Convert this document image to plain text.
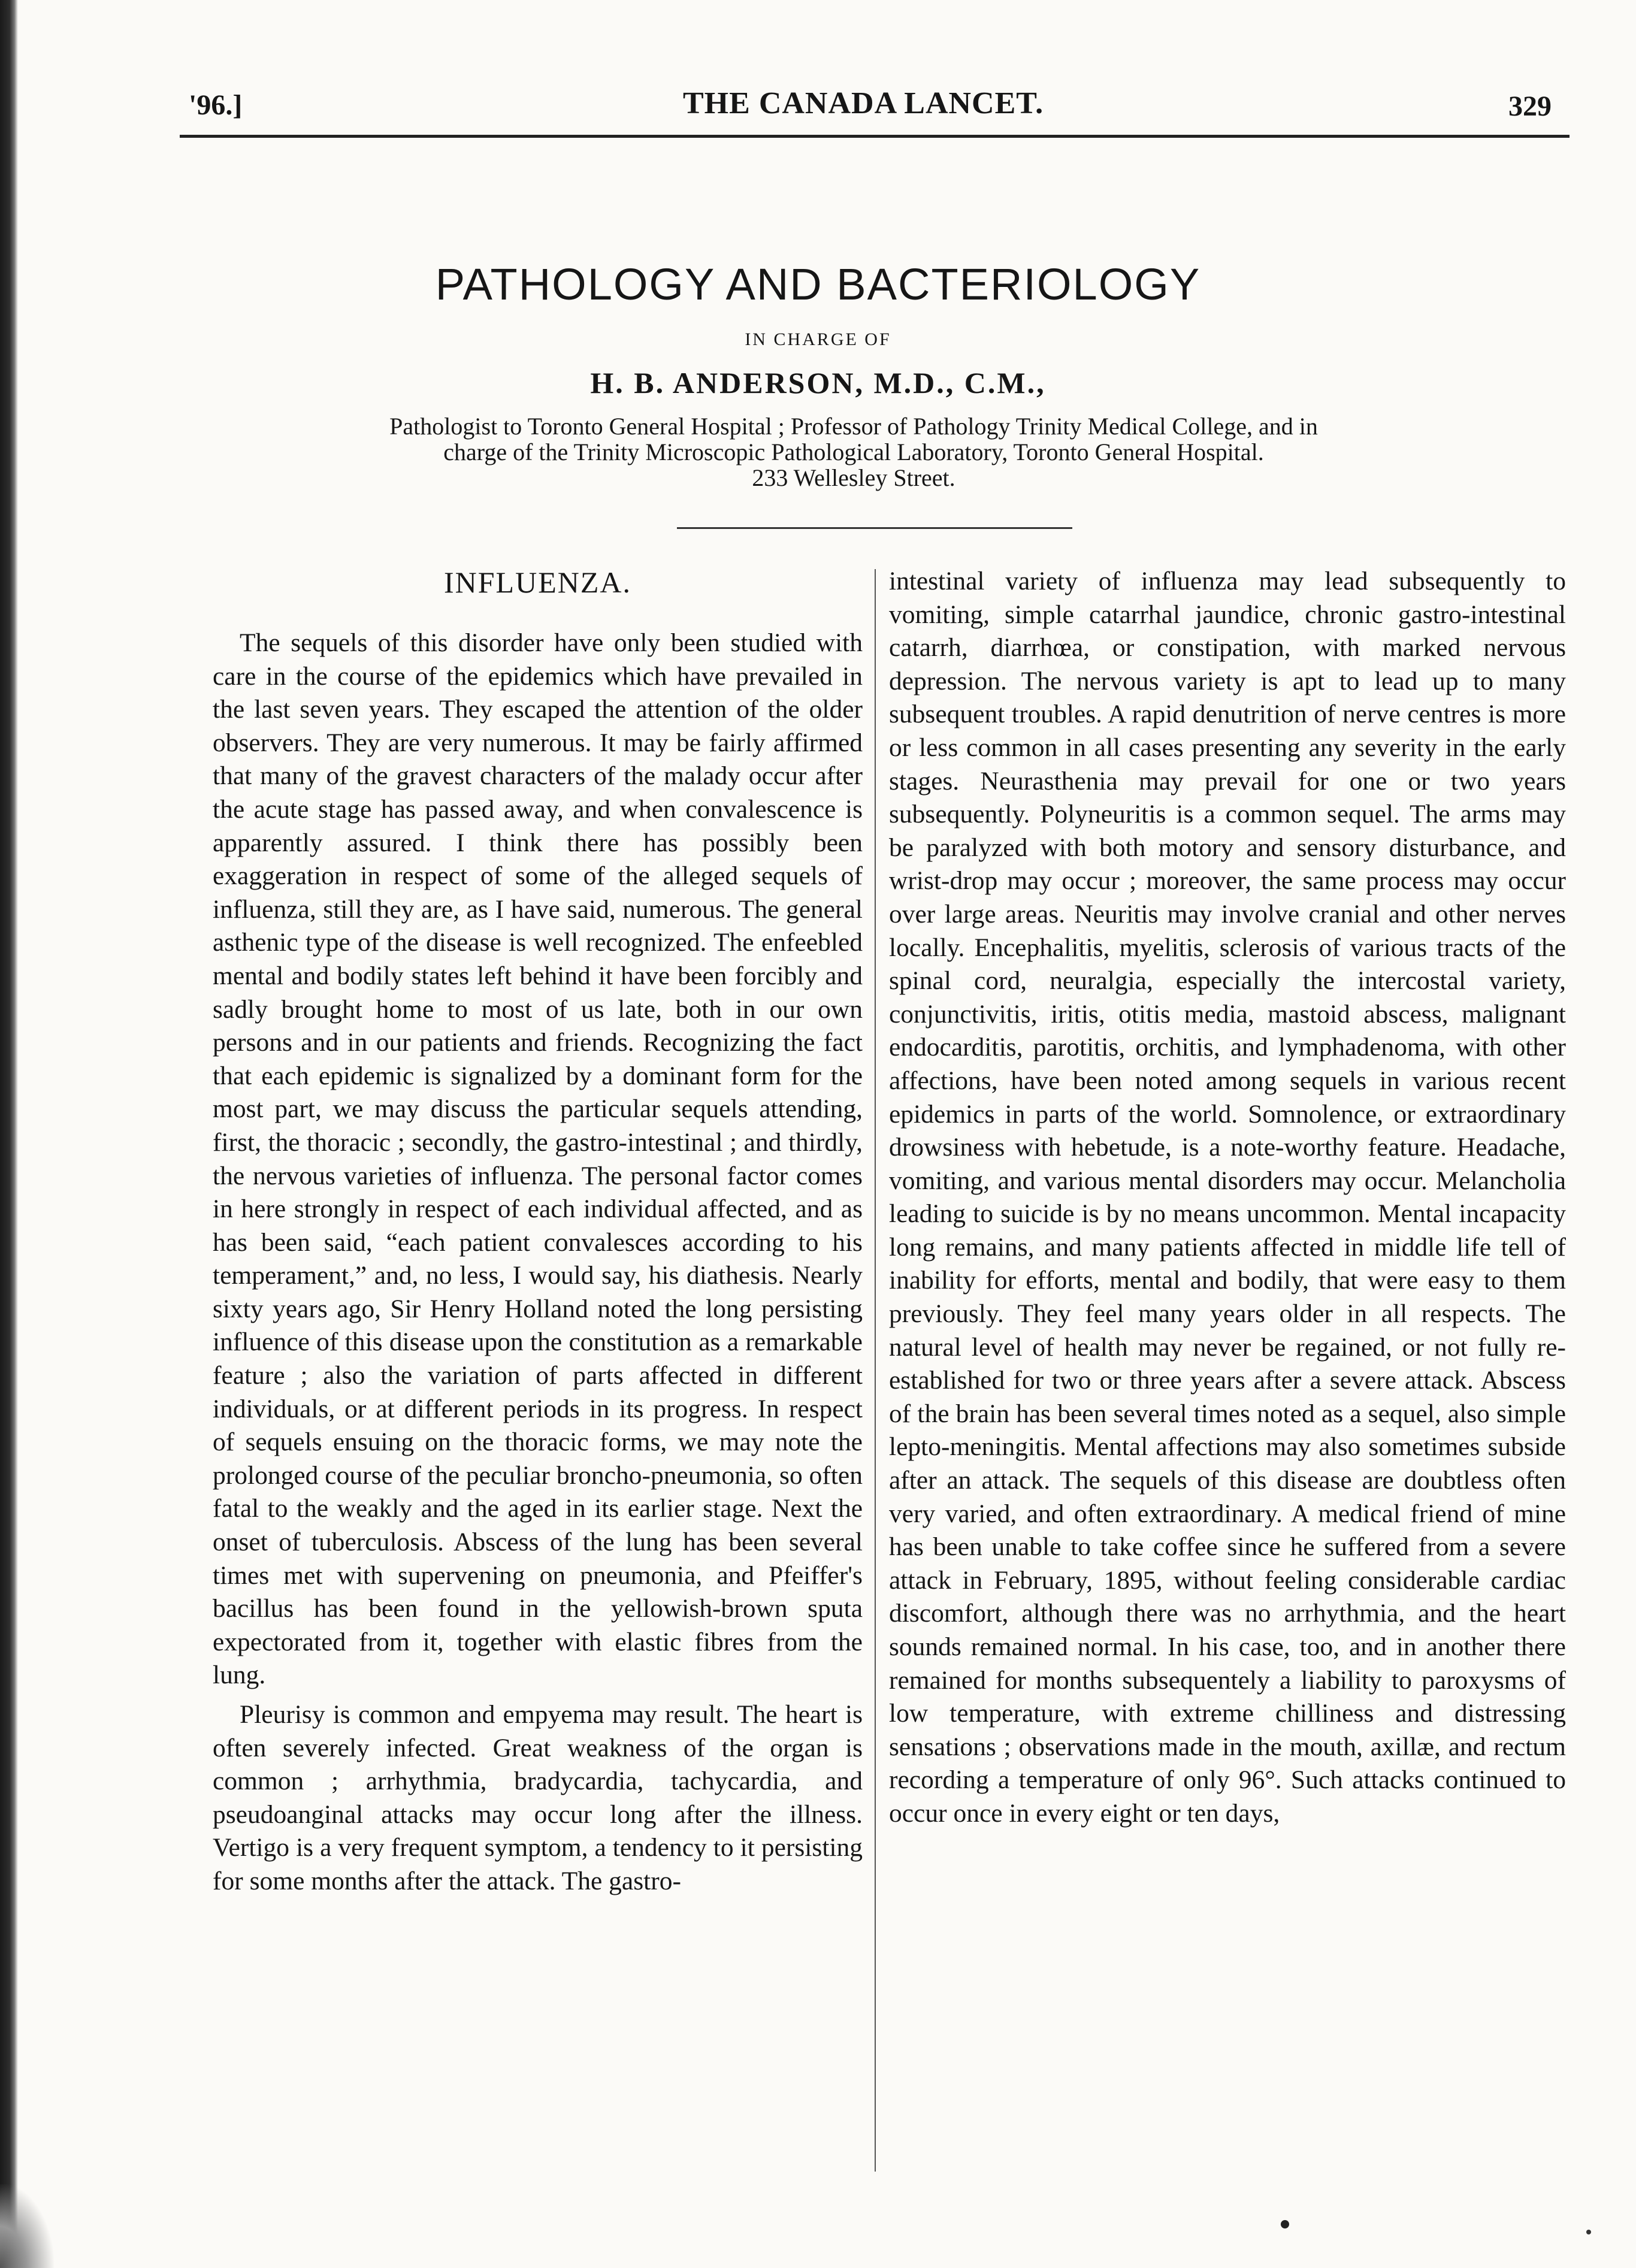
'96.]	THE CANADA LANCET.	329
PATHOLOGY AND BACTERIOLOGY
IN CHARGE OF
H. B. ANDERSON, M.D., C.M.,
Pathologist to Toronto General Hospital ; Professor of Pathology Trinity Medical College, and in
charge of the Trinity Microscopic Pathological Laboratory, Toronto General Hospital.
233 Wellesley Street.
INFLUENZA.

The sequels of this disorder have only been studied with care in the course of the epidemics which have prevailed in the last seven years. They escaped the attention of the older observers. They are very numerous. It may be fairly affirmed that many of the gravest characters of the malady occur after the acute stage has passed away, and when convalescence is apparently assured. I think there has possibly been exaggeration in respect of some of the alleged sequels of influenza, still they are, as I have said, numerous. The general asthenic type of the disease is well recognized. The enfeebled mental and bodily states left behind it have been forcibly and sadly brought home to most of us late, both in our own persons and in our patients and friends. Recognizing the fact that each epidemic is signalized by a dominant form for the most part, we may discuss the particular sequels attending, first, the thoracic ; secondly, the gastro-intestinal ; and thirdly, the nervous varieties of influenza. The personal factor comes in here strongly in respect of each individual affected, and as has been said, “each patient convalesces according to his temperament,” and, no less, I would say, his diathesis. Nearly sixty years ago, Sir Henry Holland noted the long persisting influence of this disease upon the constitution as a remarkable feature ; also the variation of parts affected in different individuals, or at different periods in its progress. In respect of sequels ensuing on the thoracic forms, we may note the prolonged course of the peculiar broncho-pneumonia, so often fatal to the weakly and the aged in its earlier stage. Next the onset of tuberculosis. Abscess of the lung has been several times met with supervening on pneumonia, and Pfeiffer's bacillus has been found in the yellowish-brown sputa expectorated from it, together with elastic fibres from the lung.

Pleurisy is common and empyema may result. The heart is often severely infected. Great weakness of the organ is common ; arrhythmia, bradycardia, tachycardia, and pseudoanginal attacks may occur long after the illness. Vertigo is a very frequent symptom, a tendency to it persisting for some months after the attack. The gastro-

intestinal variety of influenza may lead subsequently to vomiting, simple catarrhal jaundice, chronic gastro-intestinal catarrh, diarrhœa, or constipation, with marked nervous depression. The nervous variety is apt to lead up to many subsequent troubles. A rapid denutrition of nerve centres is more or less common in all cases presenting any severity in the early stages. Neurasthenia may prevail for one or two years subsequently. Polyneuritis is a common sequel. The arms may be paralyzed with both motory and sensory disturbance, and wrist-drop may occur ; moreover, the same process may occur over large areas. Neuritis may involve cranial and other nerves locally. Encephalitis, myelitis, sclerosis of various tracts of the spinal cord, neuralgia, especially the intercostal variety, conjunctivitis, iritis, otitis media, mastoid abscess, malignant endocarditis, parotitis, orchitis, and lymphadenoma, with other affections, have been noted among sequels in various recent epidemics in parts of the world. Somnolence, or extraordinary drowsiness with hebetude, is a note-worthy feature. Headache, vomiting, and various mental disorders may occur. Melancholia leading to suicide is by no means uncommon. Mental incapacity long remains, and many patients affected in middle life tell of inability for efforts, mental and bodily, that were easy to them previously. They feel many years older in all respects. The natural level of health may never be regained, or not fully re-established for two or three years after a severe attack. Abscess of the brain has been several times noted as a sequel, also simple lepto-meningitis. Mental affections may also sometimes subside after an attack. The sequels of this disease are doubtless often very varied, and often extraordinary. A medical friend of mine has been unable to take coffee since he suffered from a severe attack in February, 1895, without feeling considerable cardiac discomfort, although there was no arrhythmia, and the heart sounds remained normal. In his case, too, and in another there remained for months subsequentely a liability to paroxysms of low temperature, with extreme chilliness and distressing sensations ; observations made in the mouth, axillæ, and rectum recording a temperature of only 96°. Such attacks continued to occur once in every eight or ten days,
